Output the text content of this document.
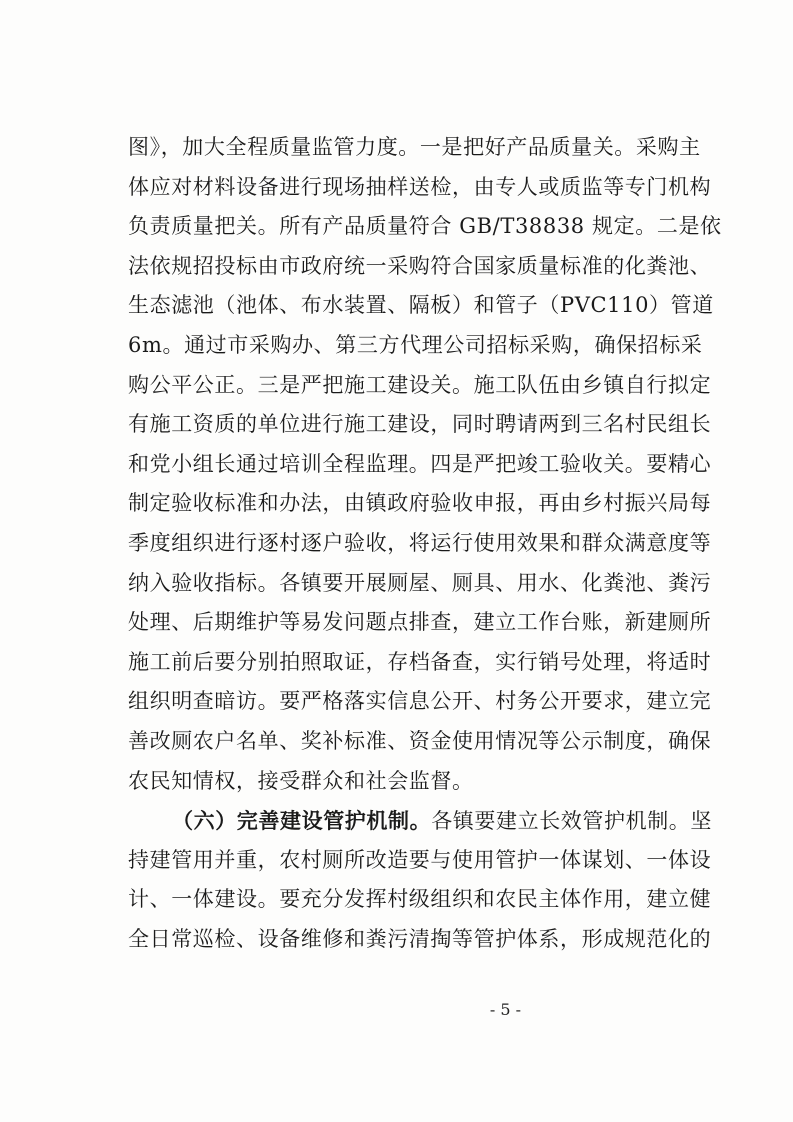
图》，加大全程质量监管力度。一是把好产品质量关。采购主
体应对材料设备进行现场抽样送检，由专人或质监等专门机构
负责质量把关。所有产品质量符合 GB/T38838 规定。二是依
法依规招投标由市政府统一采购符合国家质量标准的化粪池、
生态滤池（池体、布水装置、隔板）和管子（PVC110）管道
6m。通过市采购办、第三方代理公司招标采购，确保招标采
购公平公正。三是严把施工建设关。施工队伍由乡镇自行拟定
有施工资质的单位进行施工建设，同时聘请两到三名村民组长
和党小组长通过培训全程监理。四是严把竣工验收关。要精心
制定验收标准和办法，由镇政府验收申报，再由乡村振兴局每
季度组织进行逐村逐户验收，将运行使用效果和群众满意度等
纳入验收指标。各镇要开展厕屋、厕具、用水、化粪池、粪污
处理、后期维护等易发问题点排查，建立工作台账，新建厕所
施工前后要分别拍照取证，存档备查，实行销号处理，将适时
组织明查暗访。要严格落实信息公开、村务公开要求，建立完
善改厕农户名单、奖补标准、资金使用情况等公示制度，确保
农民知情权，接受群众和社会监督。
（六）完善建设管护机制。各镇要建立长效管护机制。坚
持建管用并重，农村厕所改造要与使用管护一体谋划、一体设
计、一体建设。要充分发挥村级组织和农民主体作用，建立健
全日常巡检、设备维修和粪污清掏等管护体系，形成规范化的
- 5 -
